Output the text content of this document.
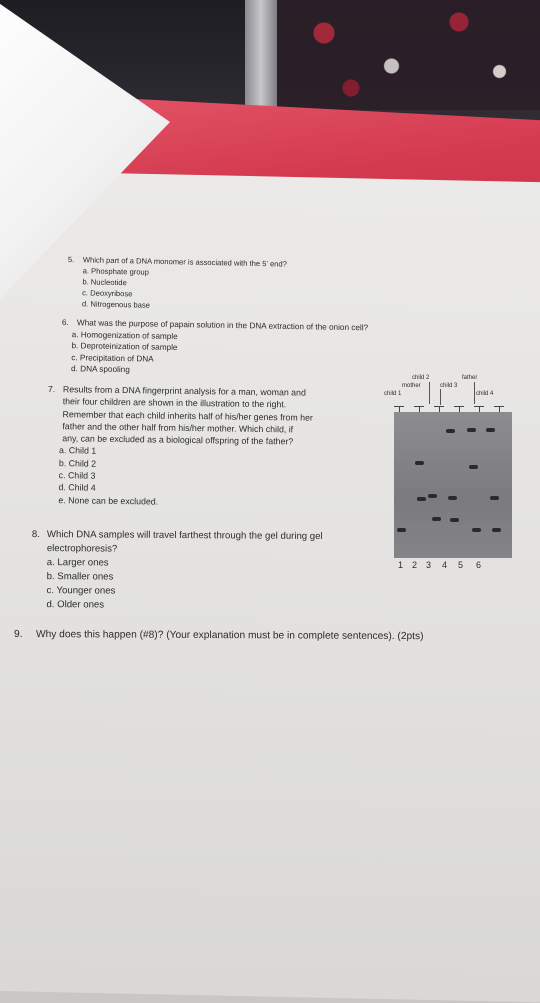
5.	Which part of a DNA monomer is associated with the 5' end?
a. Phosphate group
b. Nucleotide
c. Deoxyribose
d. Nitrogenous base
6. What was the purpose of papain solution in the DNA extraction of the onion cell?
a. Homogenization of sample
b. Deproteinization of sample
c. Precipitation of DNA
d. DNA spooling
7. Results from a DNA fingerprint analysis for a man, woman and
their four children are shown in the illustration to the right.
Remember that each child inherits half of his/her genes from her
father and the other half from his/her mother. Which child, if
any, can be excluded as a biological offspring of the father?
a. Child 1
b. Child 2
c. Child 3
d. Child 4
e. None can be excluded.
child 2	father
mother	child 3
child 1	child 4
1 2 3 4 5 6
8. Which DNA samples will travel farthest through the gel during gel
electrophoresis?
a. Larger ones
b. Smaller ones
c. Younger ones
d. Older ones
9.	Why does this happen (#8)? (Your explanation must be in complete sentences). (2pts)
